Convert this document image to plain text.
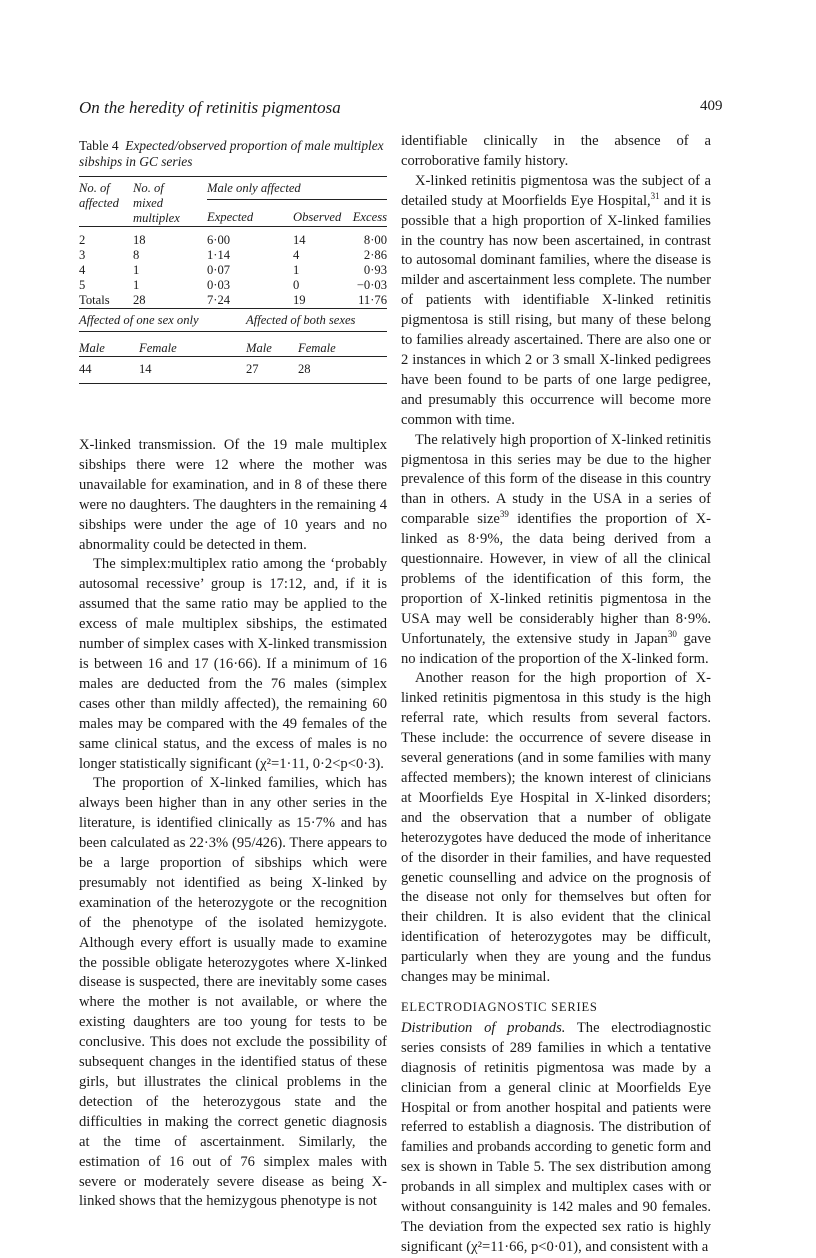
On the heredity of retinitis pigmentosa	409
Table 4 Expected/observed proportion of male multiplex
sibships in GC series
No. of
affected	No. of
mixed
multiplex	Male only affected		
		Expected	Observed	Excess

2	18	6·00	14	8·00
3	8	1·14	4	2·86
4	1	0·07	1	0·93
5	1	0·03	0	−0·03
Totals	28	7·24	19	11·76

Affected of one sex only		Affected of both sexes	
Male	Female	Male	Female

44	14	27	28

X-linked transmission. Of the 19 male multiplex sibships there were 12 where the mother was unavailable for examination, and in 8 of these there were no daughters. The daughters in the remaining 4 sibships were under the age of 10 years and no abnormality could be detected in them.

The simplex:multiplex ratio among the ‘probably autosomal recessive’ group is 17:12, and, if it is assumed that the same ratio may be applied to the excess of male multiplex sibships, the estimated number of simplex cases with X-linked transmission is between 16 and 17 (16·66). If a minimum of 16 males are deducted from the 76 males (simplex cases other than mildly affected), the remaining 60 males may be compared with the 49 females of the same clinical status, and the excess of males is no longer statistically significant (χ²=1·11, 0·2<p<0·3).

The proportion of X-linked families, which has always been higher than in any other series in the literature, is identified clinically as 15·7% and has been calculated as 22·3% (95/426). There appears to be a large proportion of sibships which were presumably not identified as being X-linked by examination of the heterozygote or the recognition of the phenotype of the isolated hemizygote. Although every effort is usually made to examine the possible obligate heterozygotes where X-linked disease is suspected, there are inevitably some cases where the mother is not available, or where the existing daughters are too young for tests to be conclusive. This does not exclude the possibility of subsequent changes in the identified status of these girls, but illustrates the clinical problems in the detection of the heterozygous state and the difficulties in making the correct genetic diagnosis at the time of ascertainment. Similarly, the estimation of 16 out of 76 simplex males with severe or moderately severe disease as being X-linked shows that the hemizygous phenotype is not

identifiable clinically in the absence of a corroborative family history.

X-linked retinitis pigmentosa was the subject of a detailed study at Moorfields Eye Hospital,$^{31}$ and it is possible that a high proportion of X-linked families in the country has now been ascertained, in contrast to autosomal dominant families, where the disease is milder and ascertainment less complete. The number of patients with identifiable X-linked retinitis pigmentosa is still rising, but many of these belong to families already ascertained. There are also one or 2 instances in which 2 or 3 small X-linked pedigrees have been found to be parts of one large pedigree, and presumably this occurrence will become more common with time.

The relatively high proportion of X-linked retinitis pigmentosa in this series may be due to the higher prevalence of this form of the disease in this country than in others. A study in the USA in a series of comparable size$^{39}$ identifies the proportion of X-linked as 8·9%, the data being derived from a questionnaire. However, in view of all the clinical problems of the identification of this form, the proportion of X-linked retinitis pigmentosa in the USA may well be considerably higher than 8·9%. Unfortunately, the extensive study in Japan$^{30}$ gave no indication of the proportion of the X-linked form.

Another reason for the high proportion of X-linked retinitis pigmentosa in this study is the high referral rate, which results from several factors. These include: the occurrence of severe disease in several generations (and in some families with many affected members); the known interest of clinicians at Moorfields Eye Hospital in X-linked disorders; and the observation that a number of obligate heterozygotes have deduced the mode of inheritance of the disorder in their families, and have requested genetic counselling and advice on the prognosis of the disease not only for themselves but often for their children. It is also evident that the clinical identification of heterozygotes may be difficult, particularly when they are young and the fundus changes may be minimal.

ELECTRODIAGNOSTIC SERIES

Distribution of probands. The electrodiagnostic series consists of 289 families in which a tentative diagnosis of retinitis pigmentosa was made by a clinician from a general clinic at Moorfields Eye Hospital or from another hospital and patients were referred to establish a diagnosis. The distribution of families and probands according to genetic form and sex is shown in Table 5. The sex distribution among probands in all simplex and multiplex cases with or without consanguinity is 142 males and 90 females. The deviation from the expected sex ratio is highly significant (χ²=11·66, p<0·01), and consistent with a
